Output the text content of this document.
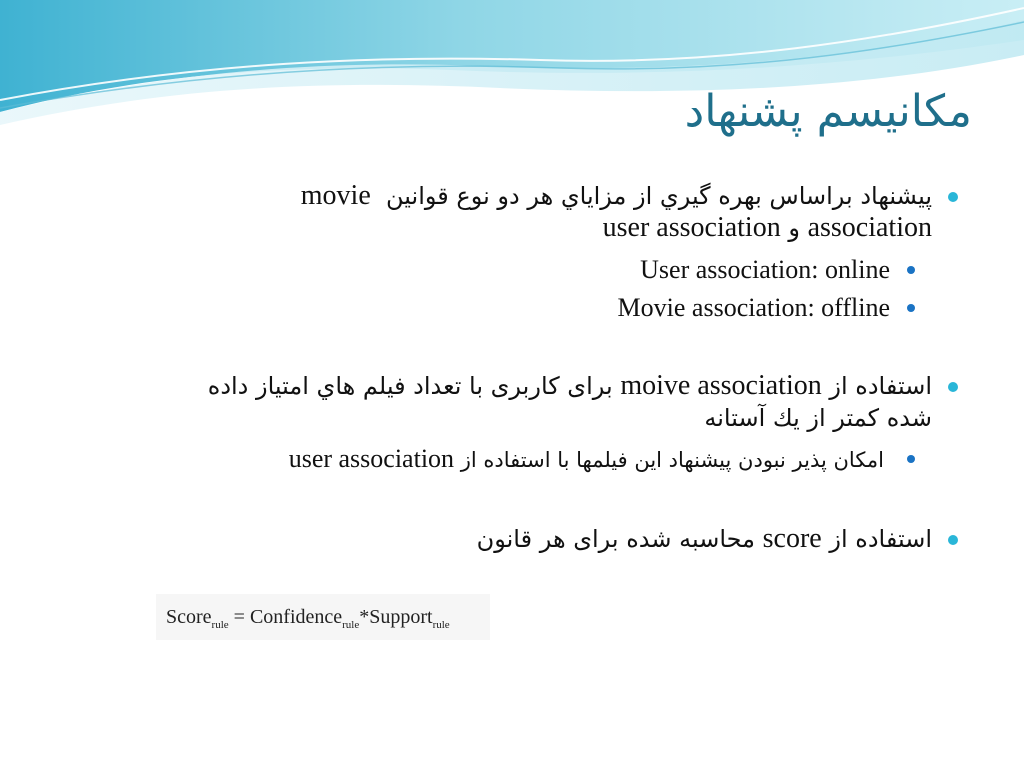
مکانیسم پشنهاد
پيشنهاد براساس بهره گيري از مزاياي هر دو نوع قوانين  movie
association و user association
User association: online
Movie association: offline
استفاده از moive association برای کاربری با تعداد فیلم هاي امتياز داده
شده کمتر از يك آستانه
امکان پذير نبودن پيشنهاد اين فيلمها با استفاده از user association
استفاده از score محاسبه شده برای هر قانون
Score$_{rule}$ = Confidence$_{rule}$*Support$_{rule}$
